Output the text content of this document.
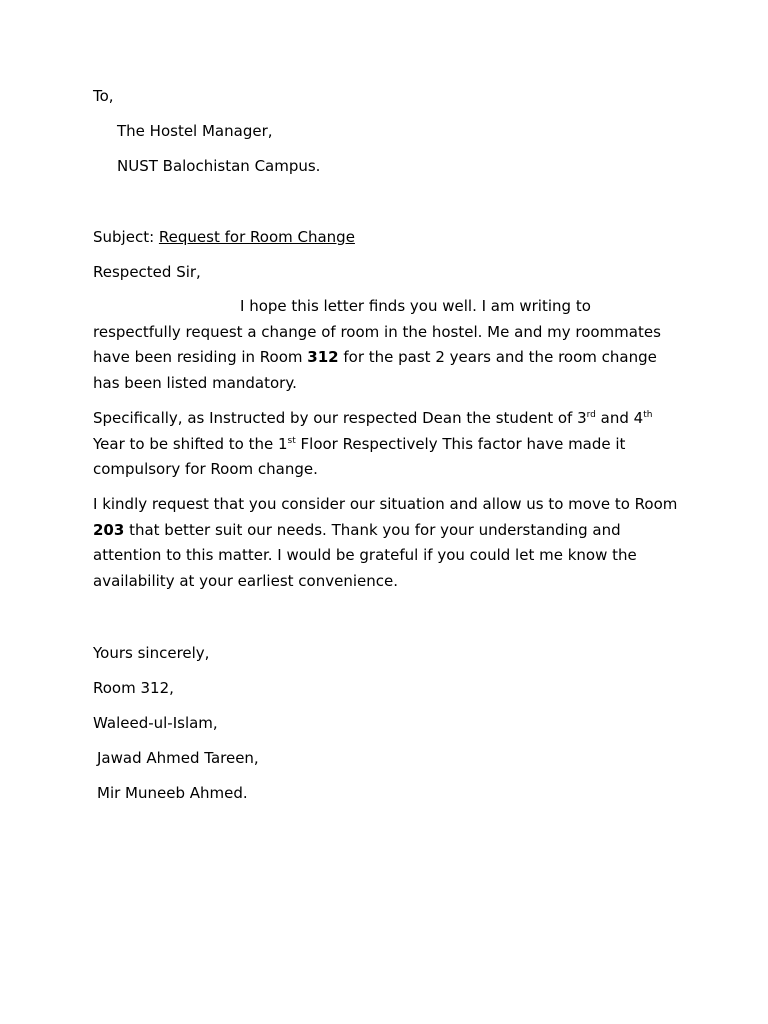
To,
The Hostel Manager,
NUST Balochistan Campus.
Subject: Request for Room Change
Respected Sir,

I hope this letter finds you well. I am writing to respectfully request a change of room in the hostel. Me and my roommates have been residing in Room 312 for the past 2 years and the room change has been listed mandatory.

Specifically, as Instructed by our respected Dean the student of 3rd and 4th Year to be shifted to the 1st Floor Respectively This factor have made it compulsory for Room change.

I kindly request that you consider our situation and allow us to move to Room 203 that better suit our needs. Thank you for your understanding and attention to this matter. I would be grateful if you could let me know the availability at your earliest convenience.

Yours sincerely,
Room 312,
Waleed-ul-Islam,
Jawad Ahmed Tareen,
Mir Muneeb Ahmed.
